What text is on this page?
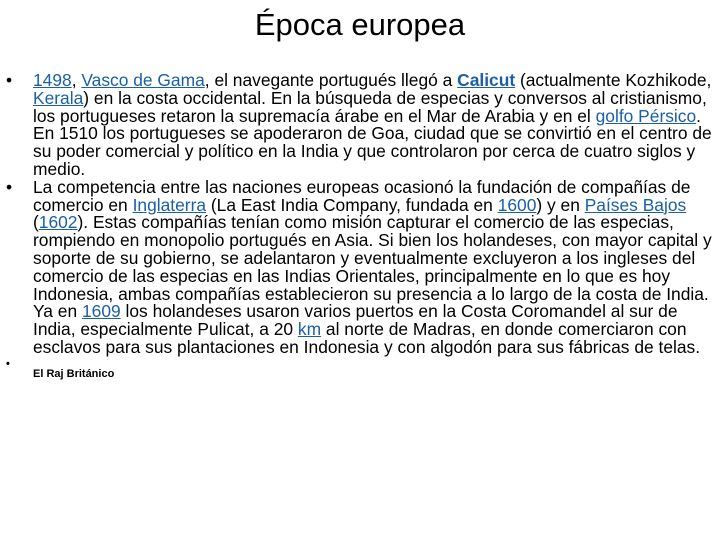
Época europea
•	1498, Vasco de Gama, el navegante portugués llegó a Calicut (actualmente Kozhikode, Kerala) en la costa occidental. En la búsqueda de especias y conversos al cristianismo, los portugueses retaron la supremacía árabe en el Mar de Arabia y en el golfo Pérsico. En 1510 los portugueses se apoderaron de Goa, ciudad que se convirtió en el centro de su poder comercial y político en la India y que controlaron por cerca de cuatro siglos y medio.
•	La competencia entre las naciones europeas ocasionó la fundación de compañías de comercio en Inglaterra (La East India Company, fundada en 1600) y en Países Bajos (1602). Estas compañías tenían como misión capturar el comercio de las especias, rompiendo en monopolio portugués en Asia. Si bien los holandeses, con mayor capital y soporte de su gobierno, se adelantaron y eventualmente excluyeron a los ingleses del comercio de las especias en las Indias Orientales, principalmente en lo que es hoy Indonesia, ambas compañías establecieron su presencia a lo largo de la costa de India. Ya en 1609 los holandeses usaron varios puertos en la Costa Coromandel al sur de India, especialmente Pulicat, a 20 km al norte de Madras, en donde comerciaron con esclavos para sus plantaciones en Indonesia y con algodón para sus fábricas de telas.
•
El Raj Británico
